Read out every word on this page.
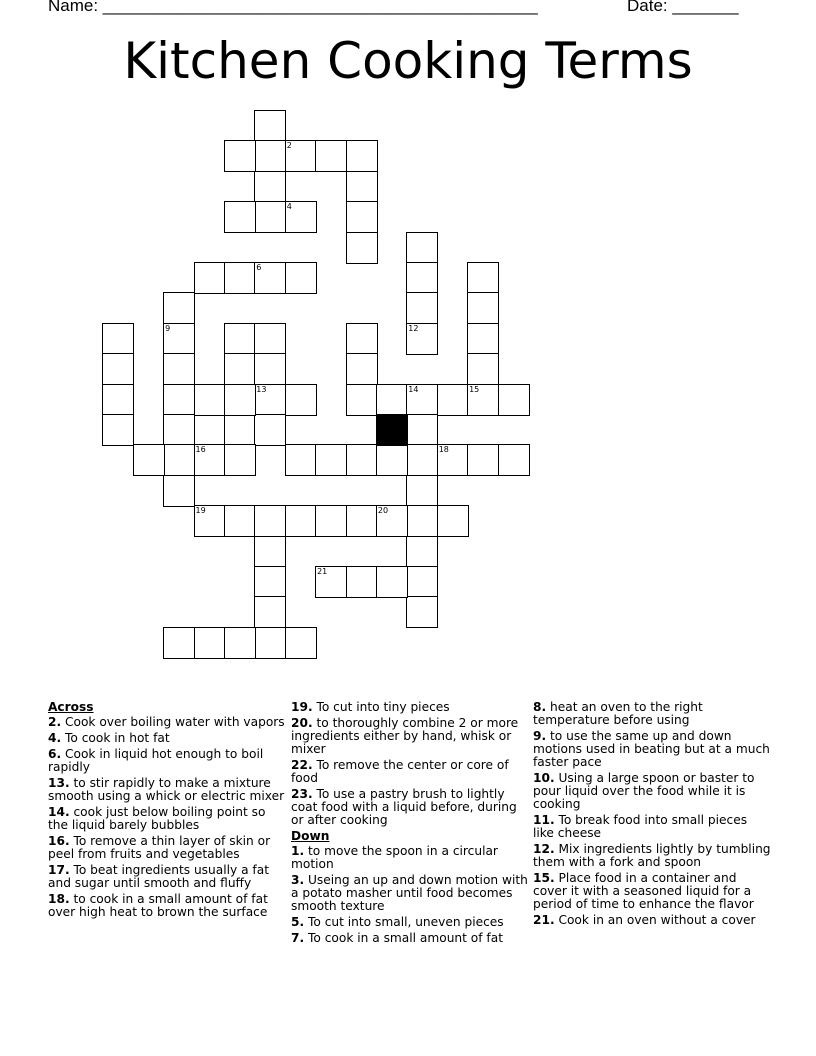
Name: ______________________________________________	Date: _______
Kitchen Cooking Terms
2
4
12
6
9
13	14	15
16	18
19	20
21
Across
2. Cook over boiling water with vapors
4. To cook in hot fat
6. Cook in liquid hot enough to boil rapidly
13. to stir rapidly to make a mixture smooth using a whick or electric mixer
14. cook just below boiling point so the liquid barely bubbles
16. To remove a thin layer of skin or peel from fruits and vegetables
17. To beat ingredients usually a fat and sugar until smooth and fluffy
18. to cook in a small amount of fat over high heat to brown the surface
19. To cut into tiny pieces
20. to thoroughly combine 2 or more ingredients either by hand, whisk or mixer
22. To remove the center or core of food
23. To use a pastry brush to lightly coat food with a liquid before, during or after cooking
Down
1. to move the spoon in a circular motion
3. Useing an up and down motion with a potato masher until food becomes smooth texture
5. To cut into small, uneven pieces
7. To cook in a small amount of fat
8. heat an oven to the right temperature before using
9. to use the same up and down motions used in beating but at a much faster pace
10. Using a large spoon or baster to pour liquid over the food while it is cooking
11. To break food into small pieces like cheese
12. Mix ingredients lightly by tumbling them with a fork and spoon
15. Place food in a container and cover it with a seasoned liquid for a period of time to enhance the flavor
21. Cook in an oven without a cover
